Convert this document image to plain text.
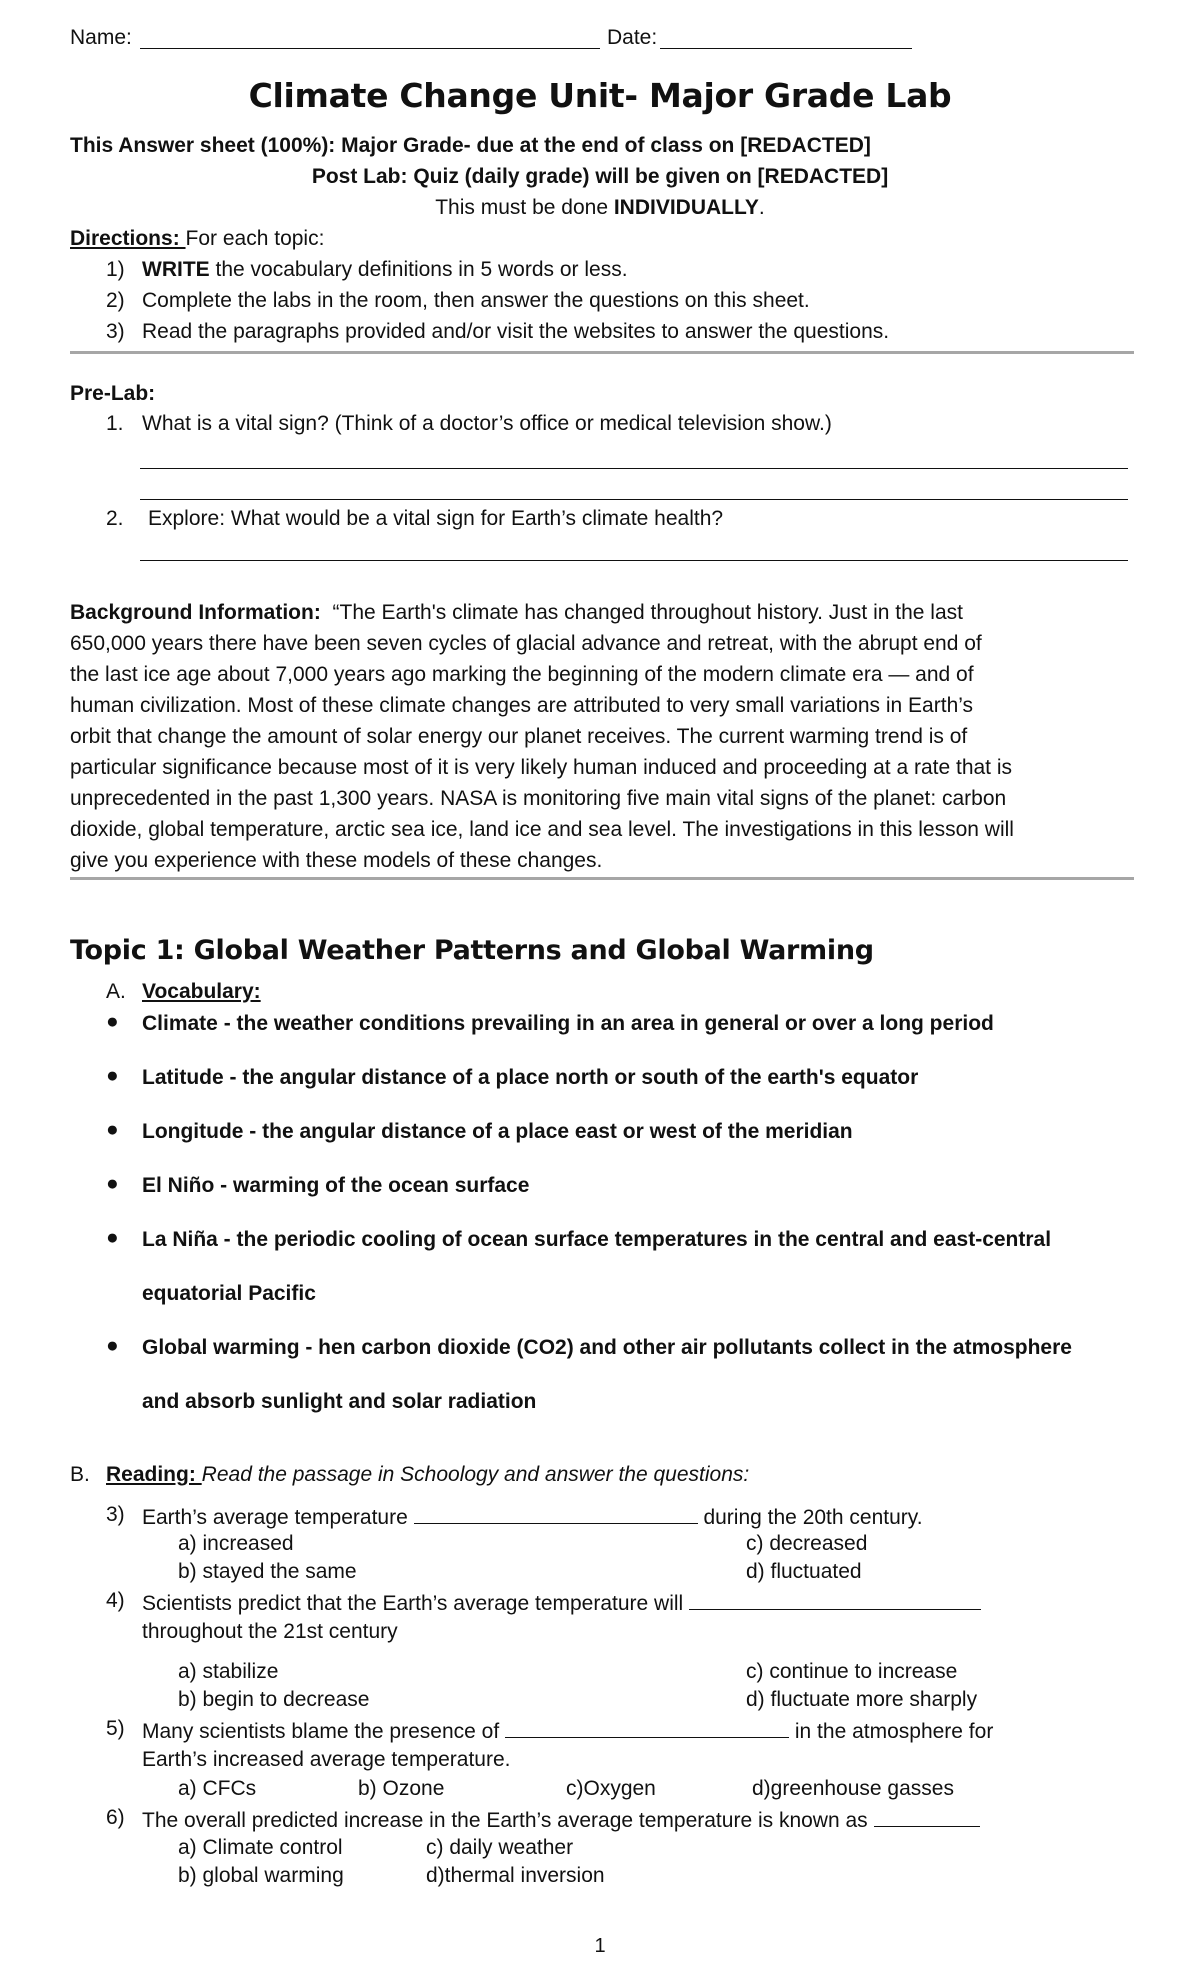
Name:	Date:
Climate Change Unit- Major Grade Lab
This Answer sheet (100%): Major Grade- due at the end of class on [REDACTED]
Post Lab: Quiz (daily grade) will be given on [REDACTED]
This must be done INDIVIDUALLY.
Directions: For each topic:
1) WRITE the vocabulary definitions in 5 words or less.
2) Complete the labs in the room, then answer the questions on this sheet.
3) Read the paragraphs provided and/or visit the websites to answer the questions.
Pre-Lab:
1. What is a vital sign? (Think of a doctor’s office or medical television show.)
2. Explore: What would be a vital sign for Earth’s climate health?
Background Information: “The Earth's climate has changed throughout history. Just in the last
650,000 years there have been seven cycles of glacial advance and retreat, with the abrupt end of
the last ice age about 7,000 years ago marking the beginning of the modern climate era — and of
human civilization. Most of these climate changes are attributed to very small variations in Earth’s
orbit that change the amount of solar energy our planet receives. The current warming trend is of
particular significance because most of it is very likely human induced and proceeding at a rate that is
unprecedented in the past 1,300 years. NASA is monitoring five main vital signs of the planet: carbon
dioxide, global temperature, arctic sea ice, land ice and sea level. The investigations in this lesson will
give you experience with these models of these changes.
Topic 1: Global Weather Patterns and Global Warming
A. Vocabulary:
● Climate - the weather conditions prevailing in an area in general or over a long period
● Latitude - the angular distance of a place north or south of the earth's equator
● Longitude - the angular distance of a place east or west of the meridian
● El Niño - warming of the ocean surface
● La Niña - the periodic cooling of ocean surface temperatures in the central and east-central equatorial Pacific
● Global warming - hen carbon dioxide (CO2) and other air pollutants collect in the atmosphere and absorb sunlight and solar radiation
B. Reading: Read the passage in Schoology and answer the questions:
3) Earth’s average temperature	during the 20th century.
a) increased	c) decreased
b) stayed the same	d) fluctuated
4) Scientists predict that the Earth’s average temperature will
throughout the 21st century
a) stabilize	c) continue to increase
b) begin to decrease	d) fluctuate more sharply
5) Many scientists blame the presence of	in the atmosphere for
Earth’s increased average temperature.
a) CFCs	b) Ozone	c)Oxygen	d)greenhouse gasses
6) The overall predicted increase in the Earth’s average temperature is known as
a) Climate control	c) daily weather
b) global warming	d)thermal inversion
1
